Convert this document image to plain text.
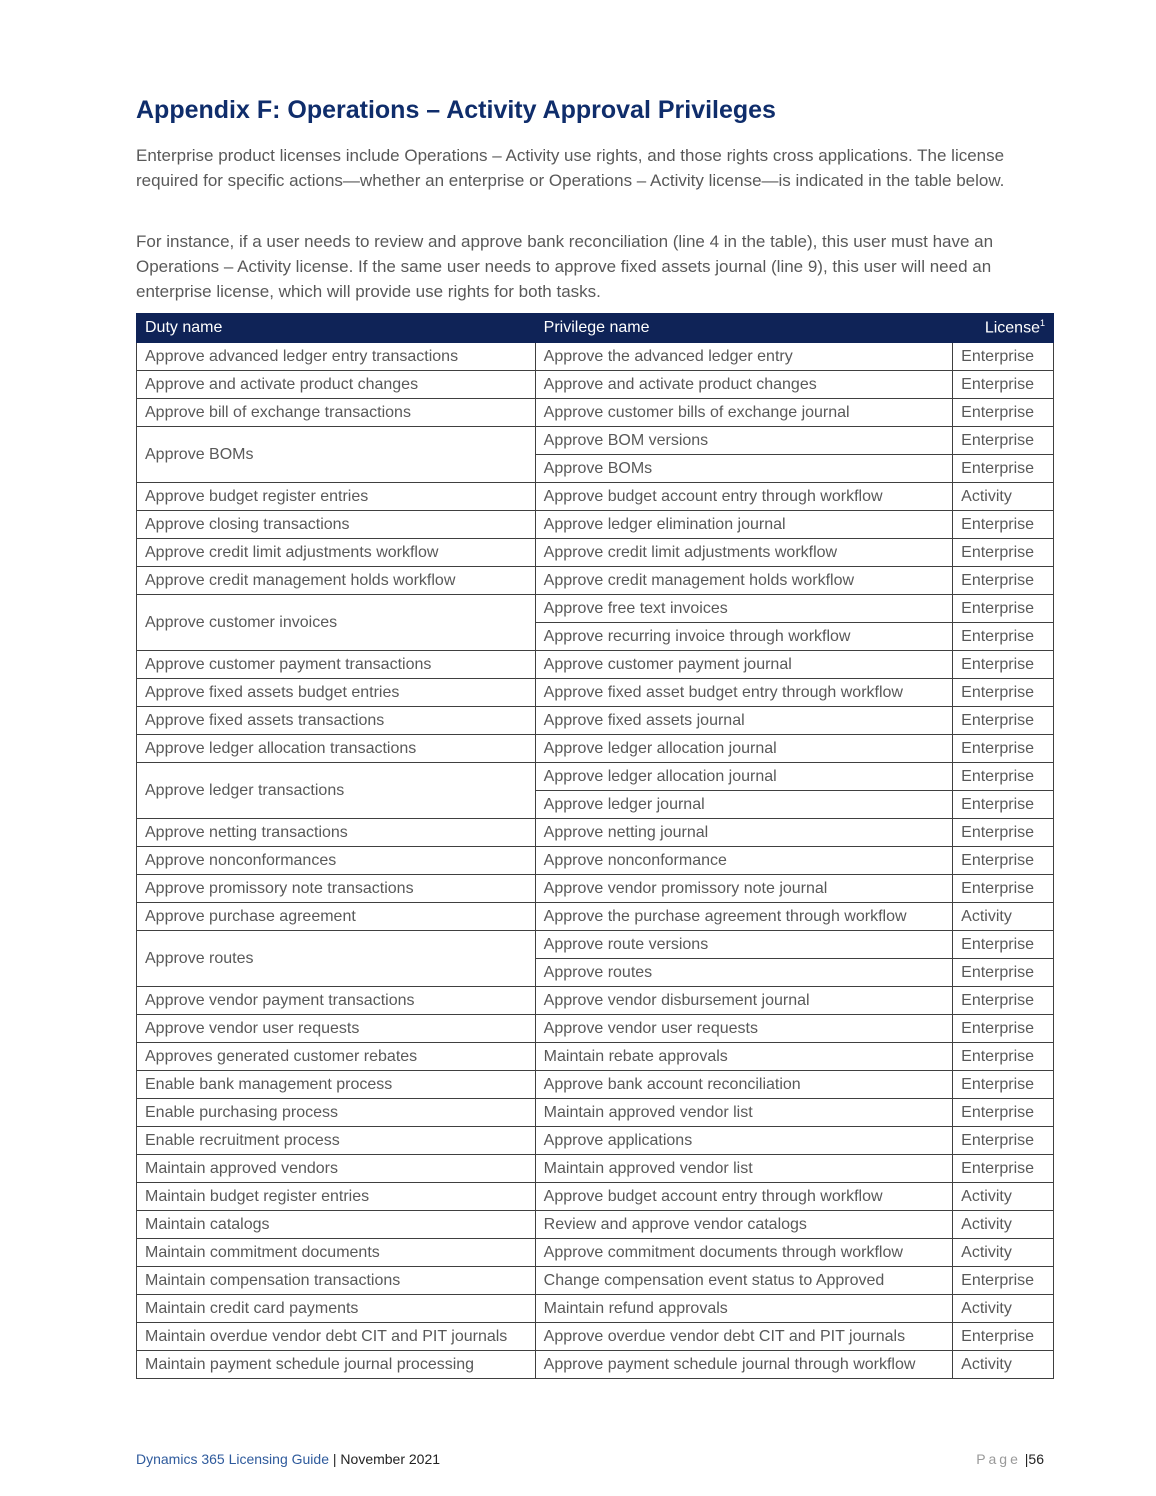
Appendix F: Operations – Activity Approval Privileges

Enterprise product licenses include Operations – Activity use rights, and those rights cross applications. The license required for specific actions—whether an enterprise or Operations – Activity license—is indicated in the table below.

For instance, if a user needs to review and approve bank reconciliation (line 4 in the table), this user must have an Operations – Activity license. If the same user needs to approve fixed assets journal (line 9), this user will need an enterprise license, which will provide use rights for both tasks.

Duty name	Privilege name	License$^1$
Approve advanced ledger entry transactions	Approve the advanced ledger entry	Enterprise
Approve and activate product changes	Approve and activate product changes	Enterprise
Approve bill of exchange transactions	Approve customer bills of exchange journal	Enterprise
Approve BOMs	Approve BOM versions	Enterprise
	Approve BOMs	Enterprise
Approve budget register entries	Approve budget account entry through workflow	Activity
Approve closing transactions	Approve ledger elimination journal	Enterprise
Approve credit limit adjustments workflow	Approve credit limit adjustments workflow	Enterprise
Approve credit management holds workflow	Approve credit management holds workflow	Enterprise
Approve customer invoices	Approve free text invoices	Enterprise
	Approve recurring invoice through workflow	Enterprise
Approve customer payment transactions	Approve customer payment journal	Enterprise
Approve fixed assets budget entries	Approve fixed asset budget entry through workflow	Enterprise
Approve fixed assets transactions	Approve fixed assets journal	Enterprise
Approve ledger allocation transactions	Approve ledger allocation journal	Enterprise
Approve ledger transactions	Approve ledger allocation journal	Enterprise
	Approve ledger journal	Enterprise
Approve netting transactions	Approve netting journal	Enterprise
Approve nonconformances	Approve nonconformance	Enterprise
Approve promissory note transactions	Approve vendor promissory note journal	Enterprise
Approve purchase agreement	Approve the purchase agreement through workflow	Activity
Approve routes	Approve route versions	Enterprise
	Approve routes	Enterprise
Approve vendor payment transactions	Approve vendor disbursement journal	Enterprise
Approve vendor user requests	Approve vendor user requests	Enterprise
Approves generated customer rebates	Maintain rebate approvals	Enterprise
Enable bank management process	Approve bank account reconciliation	Enterprise
Enable purchasing process	Maintain approved vendor list	Enterprise
Enable recruitment process	Approve applications	Enterprise
Maintain approved vendors	Maintain approved vendor list	Enterprise
Maintain budget register entries	Approve budget account entry through workflow	Activity
Maintain catalogs	Review and approve vendor catalogs	Activity
Maintain commitment documents	Approve commitment documents through workflow	Activity
Maintain compensation transactions	Change compensation event status to Approved	Enterprise
Maintain credit card payments	Maintain refund approvals	Activity
Maintain overdue vendor debt CIT and PIT journals	Approve overdue vendor debt CIT and PIT journals	Enterprise
Maintain payment schedule journal processing	Approve payment schedule journal through workflow	Activity
Dynamics 365 Licensing Guide | November 2021	Page |56
